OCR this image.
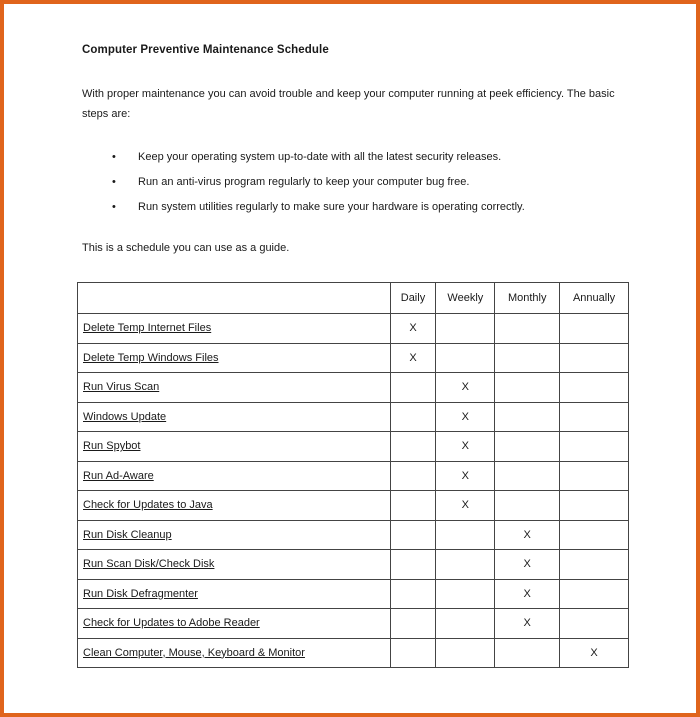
Computer Preventive Maintenance Schedule
With proper maintenance you can avoid trouble and keep your computer running at peek efficiency. The basic steps are:
• Keep your operating system up-to-date with all the latest security releases.
• Run an anti-virus program regularly to keep your computer bug free.
• Run system utilities regularly to make sure your hardware is operating correctly.
This is a schedule you can use as a guide.
	Daily	Weekly	Monthly	Annually
Delete Temp Internet Files	X			
Delete Temp Windows Files	X			
Run Virus Scan		X		
Windows Update		X		
Run Spybot		X		
Run Ad-Aware		X		
Check for Updates to Java		X		
Run Disk Cleanup			X	
Run Scan Disk/Check Disk			X	
Run Disk Defragmenter			X	
Check for Updates to Adobe Reader			X	
Clean Computer, Mouse, Keyboard & Monitor				X
